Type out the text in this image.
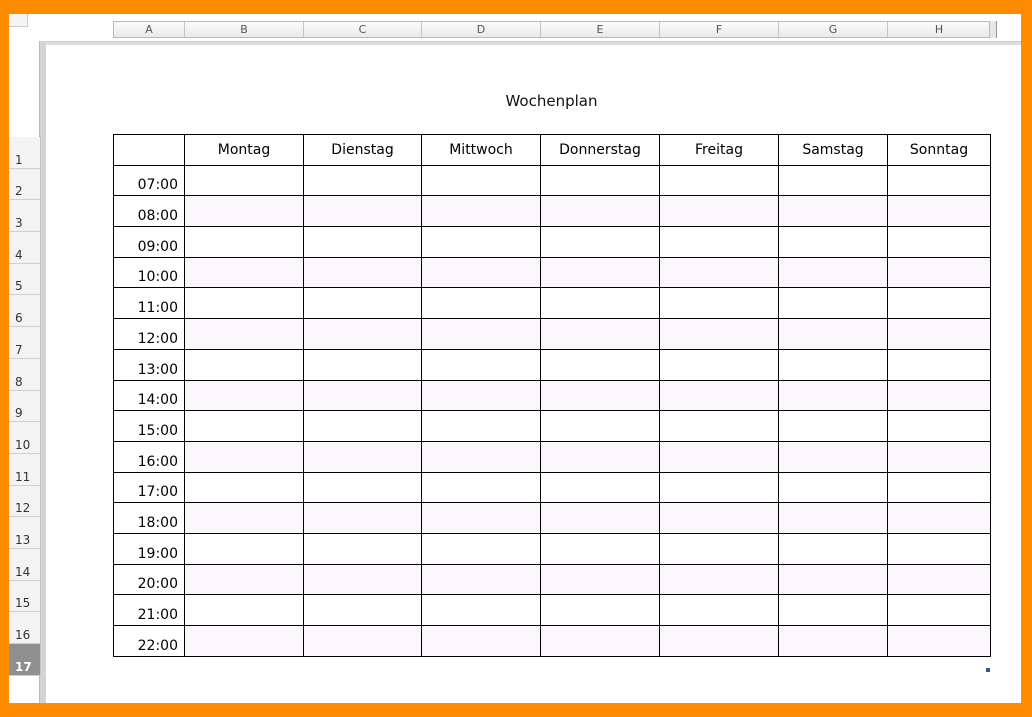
A	B	C	D	E	F	G	H
1
2
3
4
5
6
7
8
9
10
11
12
13
14
15
16
17
Wochenplan
	Montag	Dienstag	Mittwoch	Donnerstag	Freitag	Samstag	Sonntag
07:00							
08:00							
09:00							
10:00							
11:00							
12:00							
13:00							
14:00							
15:00							
16:00							
17:00							
18:00							
19:00							
20:00							
21:00							
22:00							
